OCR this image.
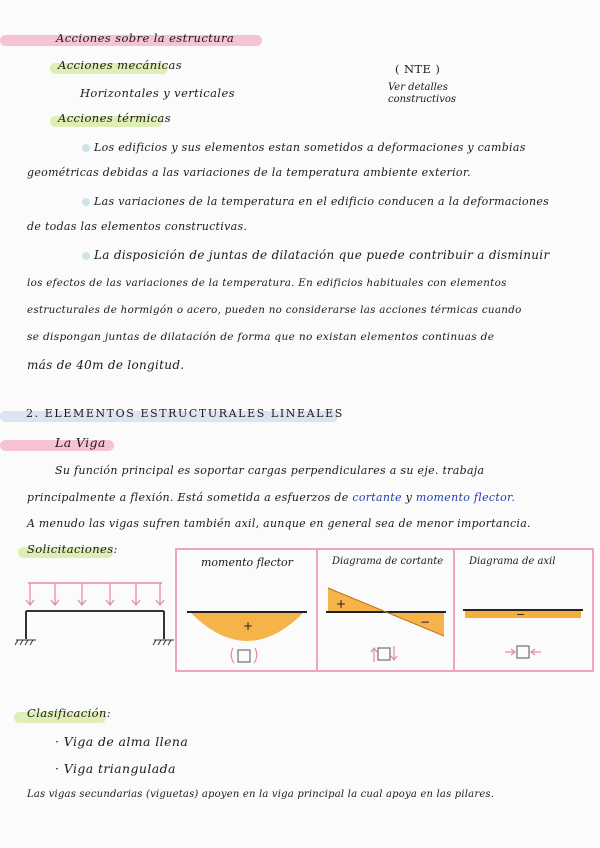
Acciones sobre la estructura
Acciones mecánicas
Horizontales y verticales
( NTE )
Ver detalles
constructivos
Acciones térmicas
Los edificios y sus elementos estan sometidos a deformaciones y cambias
geométricas debidas a las variaciones de la temperatura ambiente exterior.
Las variaciones de la temperatura en el edificio conducen a la deformaciones
de todas las elementos constructivas.
La disposición de juntas de dilatación que puede contribuir a disminuir
los efectos de las variaciones de la temperatura. En edificios habituales con elementos
estructurales de hormigón o acero, pueden no considerarse las acciones térmicas cuando
se dispongan juntas de dilatación de forma que no existan elementos continuas de
más de 40m de longitud.
2. ELEMENTOS ESTRUCTURALES LINEALES
La Viga
Su función principal es soportar cargas perpendiculares a su eje. trabaja
principalmente a flexión. Está sometida a esfuerzos de cortante y momento flector.
A menudo las vigas sufren también axil, aunque en general sea de menor importancia.
Solicitaciones:
momento flector
+
Diagrama de cortante
+
−
Diagrama de axil
−
Clasificación:
· Viga de alma llena
· Viga triangulada
Las vigas secundarias (viguetas) apoyen en la viga principal la cual apoya en las pilares.
